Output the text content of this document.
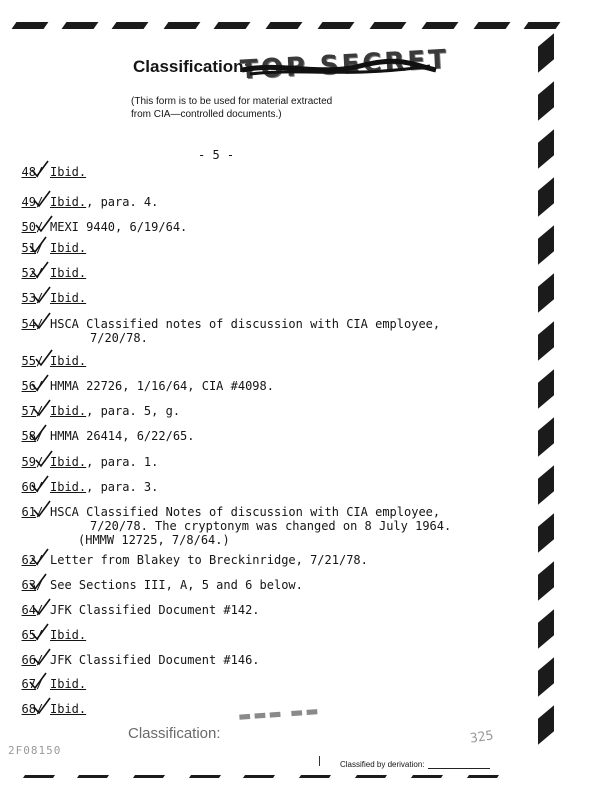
Classification:
TOP SECRET
(This form is to be used for material extracted
from CIA—controlled documents.)
- 5 -
48/ Ibid.
49/ Ibid., para. 4.
50/ MEXI 9440, 6/19/64.
51/ Ibid.
52/ Ibid.
53/ Ibid.
54/ HSCA Classified notes of discussion with CIA employee,
7/20/78.
55/ Ibid.
56/ HMMA 22726, 1/16/64, CIA #4098.
57/ Ibid., para. 5, g.
58/ HMMA 26414, 6/22/65.
59/ Ibid., para. 1.
60/ Ibid., para. 3.
61/ HSCA Classified Notes of discussion with CIA employee,
7/20/78. The cryptonym was changed on 8 July 1964.
(HMMW 12725, 7/8/64.)
62/ Letter from Blakey to Breckinridge, 7/21/78.
63/ See Sections III, A, 5 and 6 below.
64/ JFK Classified Document #142.
65/ Ibid.
66/ JFK Classified Document #146.
67/ Ibid.
68/ Ibid.	▬▬▬ ▬▬
Classification:	325
Classified by derivation:
2F08150
